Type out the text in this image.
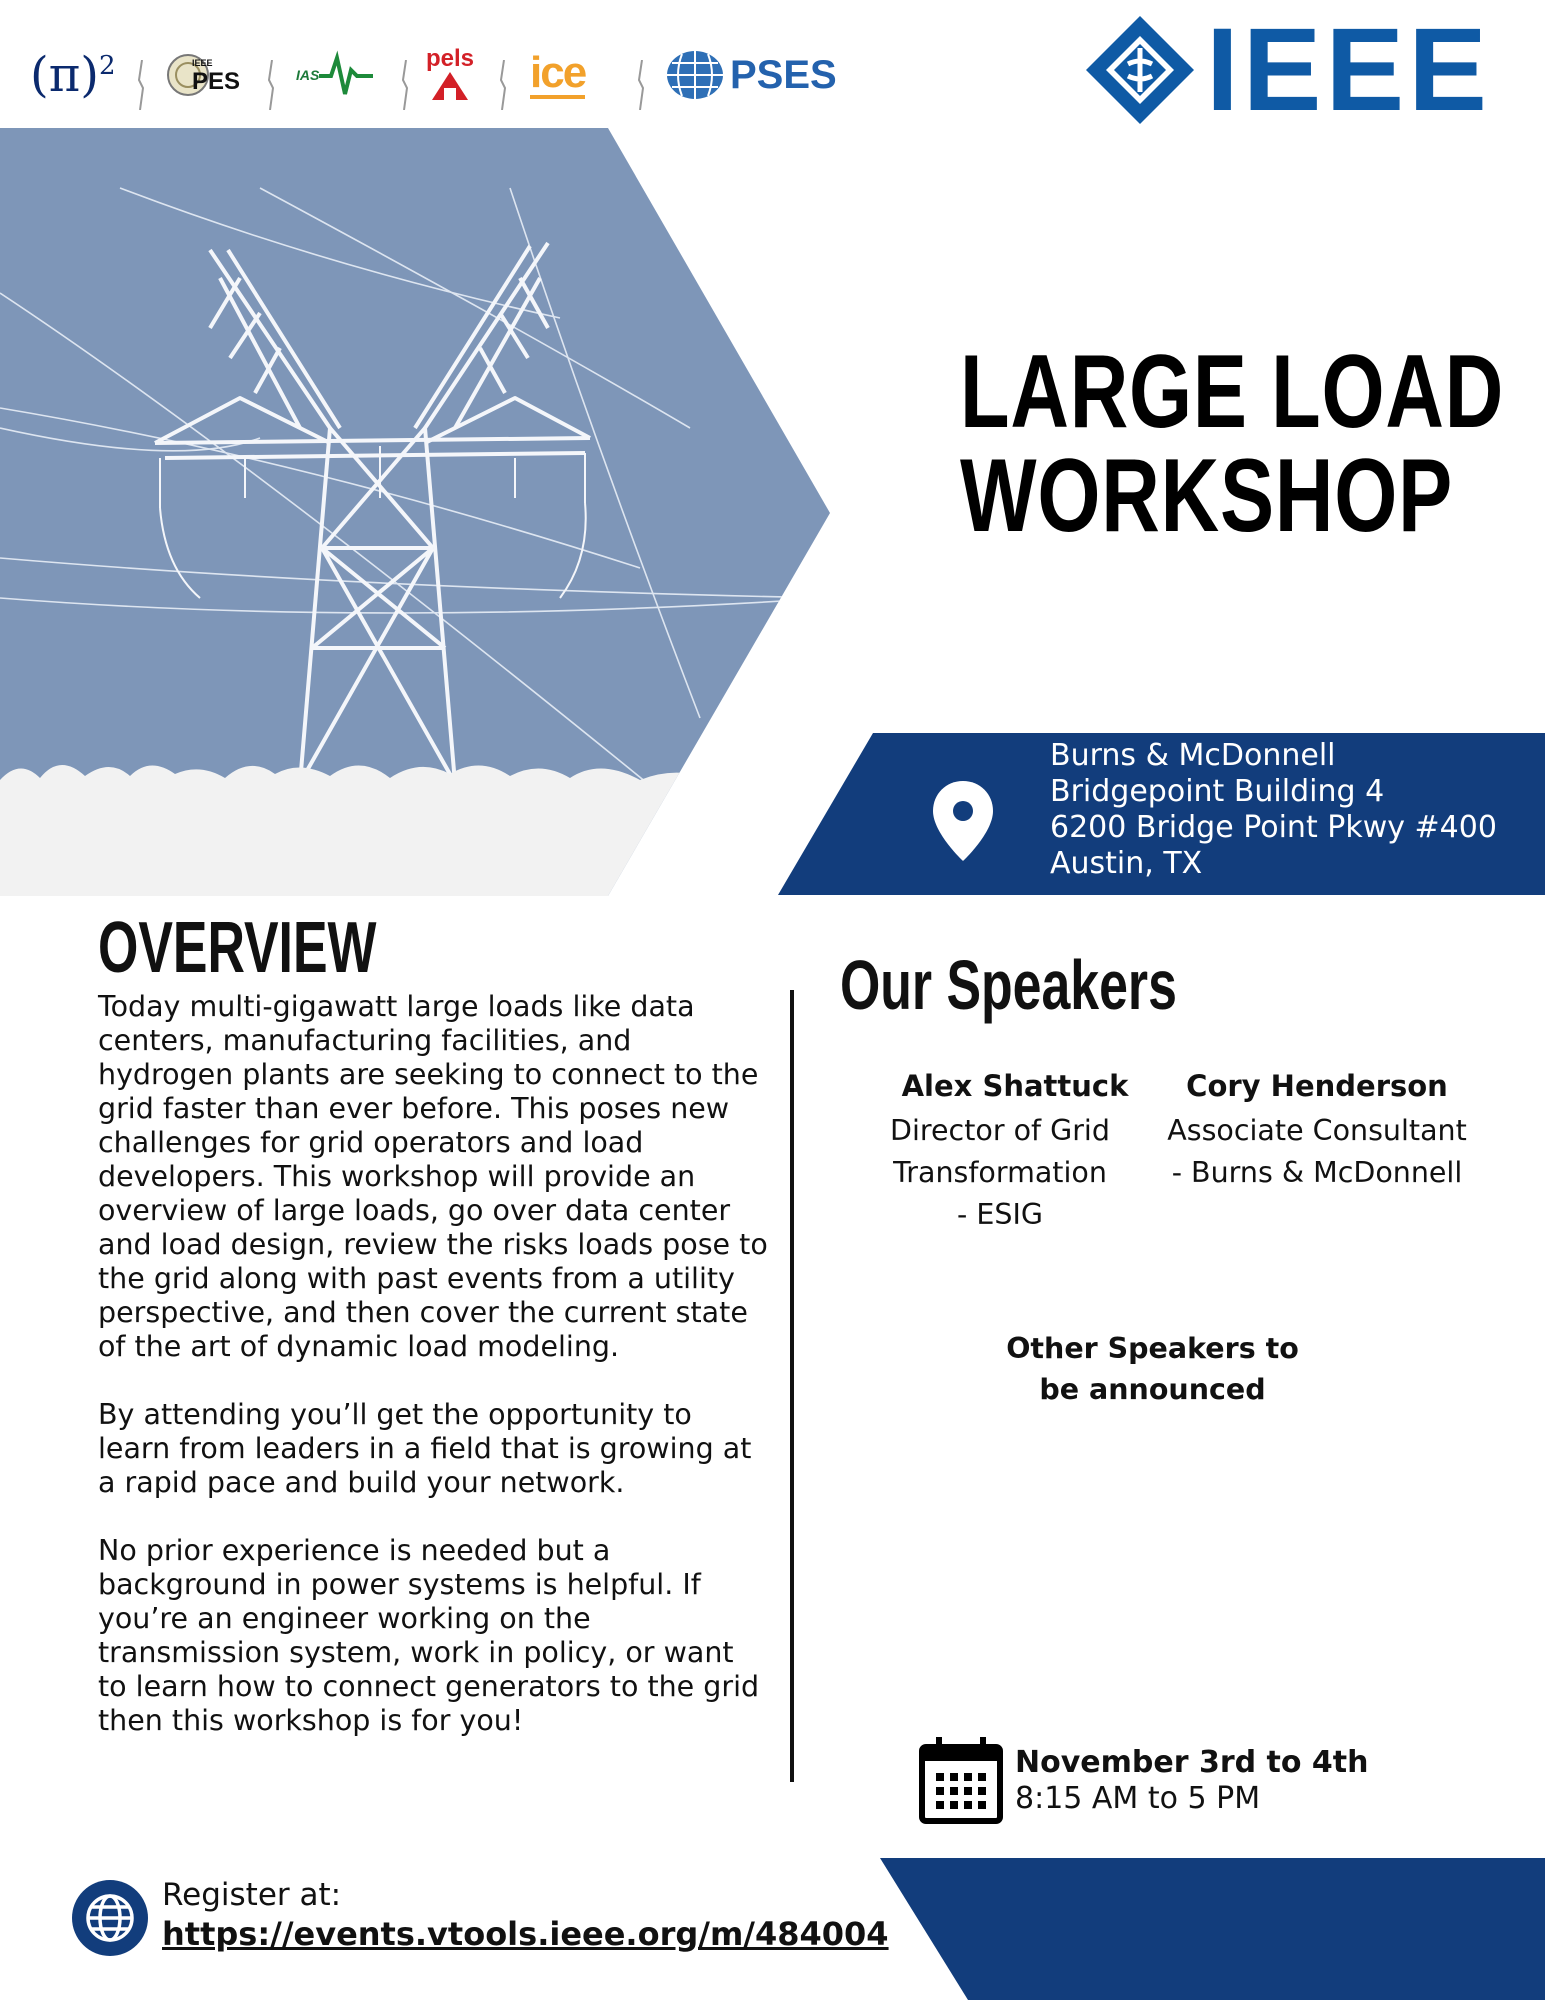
$(\pi)^2$	IEEE
PES	IAS
pels ice	PSES	IEEE
LARGE LOAD
WORKSHOP
Burns & McDonnell
Bridgepoint Building 4
6200 Bridge Point Pkwy #400
Austin, TX
OVERVIEW

Today multi-gigawatt large loads like data centers, manufacturing facilities, and hydrogen plants are seeking to connect to the grid faster than ever before. This poses new challenges for grid operators and load developers. This workshop will provide an overview of large loads, go over data center and load design, review the risks loads pose to the grid along with past events from a utility perspective, and then cover the current state of the art of dynamic load modeling.

By attending you’ll get the opportunity to learn from leaders in a field that is growing at a rapid pace and build your network.

No prior experience is needed but a background in power systems is helpful. If you’re an engineer working on the transmission system, work in policy, or want to learn how to connect generators to the grid then this workshop is for you!

Our Speakers
Alex Shattuck
Director of Grid Transformation - ESIG
Cory Henderson
Associate Consultant - Burns & McDonnell
Other Speakers to be announced
November 3rd to 4th
8:15 AM to 5 PM
Register at:
https://events.vtools.ieee.org/m/484004
